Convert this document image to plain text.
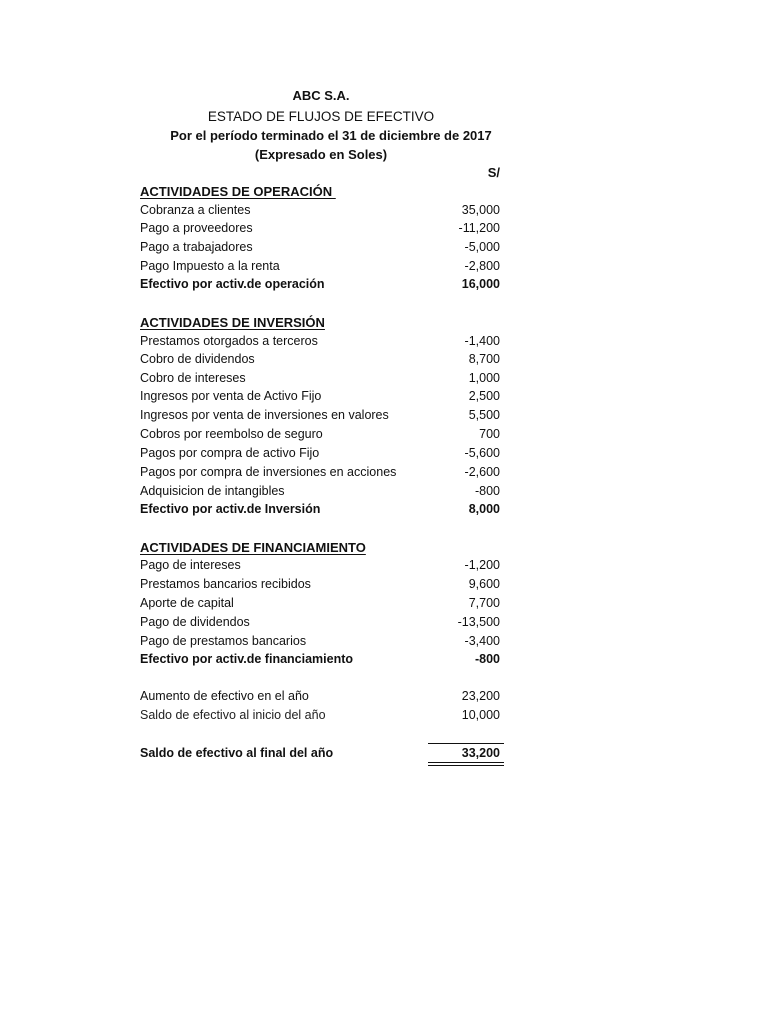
ABC S.A.
ESTADO DE FLUJOS DE EFECTIVO
Por el período terminado el 31 de diciembre de 2017
(Expresado en Soles)
S/
ACTIVIDADES DE OPERACIÓN
Cobranza a clientes	35,000
Pago a proveedores	-11,200
Pago a trabajadores	-5,000
Pago Impuesto a la renta	-2,800
Efectivo por activ.de operación	16,000
ACTIVIDADES DE INVERSIÓN
Prestamos otorgados a terceros	-1,400
Cobro de dividendos	8,700
Cobro de intereses	1,000
Ingresos por venta de Activo Fijo	2,500
Ingresos por venta de inversiones en valores	5,500
Cobros por reembolso de seguro	700
Pagos por compra de activo Fijo	-5,600
Pagos por compra de inversiones en acciones	-2,600
Adquisicion de intangibles	-800
Efectivo por activ.de Inversión	8,000
ACTIVIDADES DE FINANCIAMIENTO
Pago de intereses	-1,200
Prestamos bancarios recibidos	9,600
Aporte de capital	7,700
Pago de dividendos	-13,500
Pago de prestamos bancarios	-3,400
Efectivo por activ.de financiamiento	-800
Aumento de efectivo en el año	23,200
Saldo de efectivo al inicio del año	10,000
Saldo de efectivo al final del año	33,200
